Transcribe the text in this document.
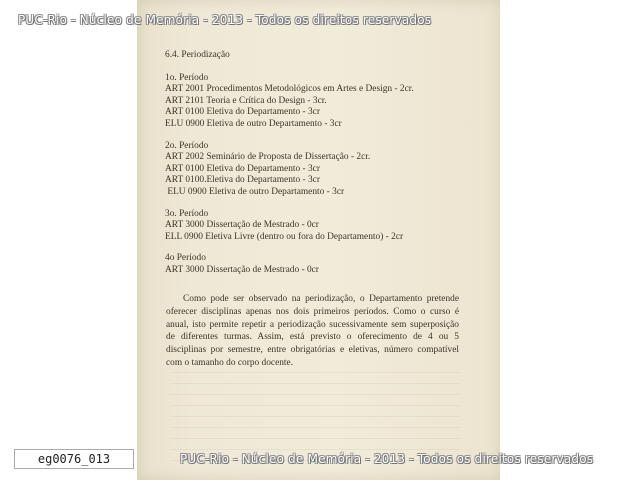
PUC-Rio - Núcleo de Memória - 2013 - Todos os direitos reservados
6.4. Periodização
1o. Período
ART 2001 Procedimentos Metodológicos em Artes e Design - 2cr.
ART 2101 Teoria e Crítica do Design - 3cr.
ART 0100 Eletiva do Departamento - 3cr
ELU 0900 Eletiva de outro Departamento - 3cr
2o. Período
ART 2002 Seminário de Proposta de Dissertação - 2cr.
ART 0100 Eletiva do Departamento - 3cr
ART 0100.Eletiva do Departamento - 3cr
ELU 0900 Eletiva de outro Departamento - 3cr
3o. Período
ART 3000 Dissertação de Mestrado - 0cr
ELL 0900 Eletiva Livre (dentro ou fora do Departamento) - 2cr
4o Período
ART 3000 Dissertação de Mestrado - 0cr
Como pode ser observado na periodização, o Departamento pretende oferecer disciplinas apenas nos dois primeiros períodos. Como o curso é anual, isto permite repetir a periodização sucessivamente sem superposição de diferentes turmas. Assim, está previsto o oferecimento de 4 ou 5 disciplinas por semestre, entre obrigatórias e eletivas, número compatível com o tamanho do corpo docente.
PUC-Rio - Núcleo de Memória - 2013 - Todos os direitos reservados
eg0076_013
